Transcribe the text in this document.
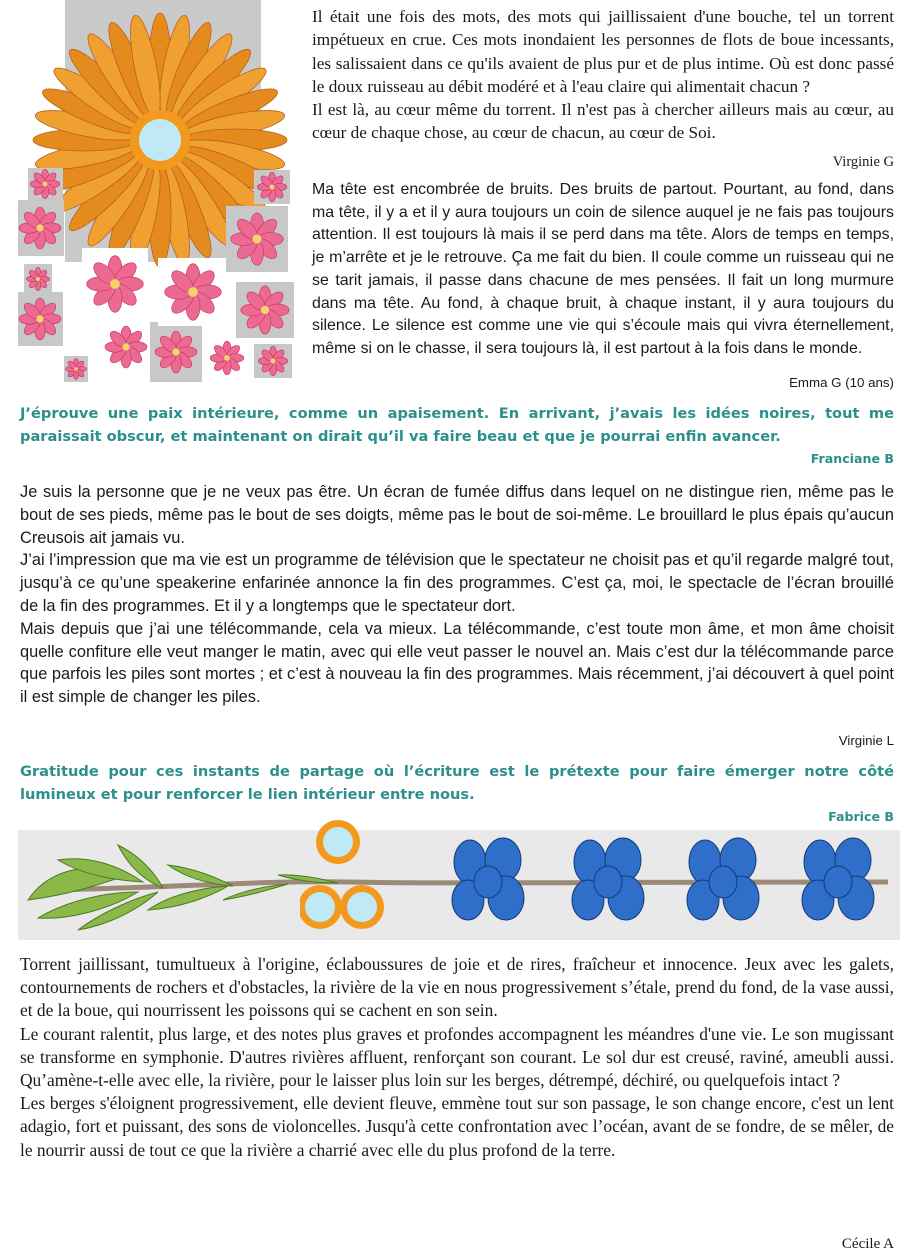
Il était une fois des mots, des mots qui jaillissaient d'une bouche, tel un torrent impétueux en crue. Ces mots inondaient les personnes de flots de boue incessants, les salissaient dans ce qu'ils avaient de plus pur et de plus intime. Où est donc passé le doux ruisseau au débit modéré et à l'eau claire qui alimentait chacun ?

Il est là, au cœur même du torrent. Il n'est pas à chercher ailleurs mais au cœur, au cœur de chaque chose, au cœur de chacun, au cœur de Soi.

Virginie G

Ma tête est encombrée de bruits. Des bruits de partout. Pourtant, au fond, dans ma tête, il y a et il y aura toujours un coin de silence auquel je ne fais pas toujours attention. Il est toujours là mais il se perd dans ma tête. Alors de temps en temps, je m’arrête et je le retrouve. Ça me fait du bien. Il coule comme un ruisseau qui ne se tarit jamais, il passe dans chacune de mes pensées. Il fait un long murmure dans ma tête. Au fond, à chaque bruit, à chaque instant, il y aura toujours du silence. Le silence est comme une vie qui s’écoule mais qui vivra éternellement, même si on le chasse, il sera toujours là, il est partout à la fois dans le monde.

Emma G (10 ans)

J’éprouve une paix intérieure, comme un apaisement. En arrivant, j’avais les idées noires, tout me paraissait obscur, et maintenant on dirait qu’il va faire beau et que je pourrai enfin avancer.

Franciane B

Je suis la personne que je ne veux pas être. Un écran de fumée diffus dans lequel on ne distingue rien, même pas le bout de ses pieds, même pas le bout de ses doigts, même pas le bout de soi-même. Le brouillard le plus épais qu’aucun Creusois ait jamais vu.

J’ai l’impression que ma vie est un programme de télévision que le spectateur ne choisit pas et qu’il regarde malgré tout, jusqu’à ce qu’une speakerine enfarinée annonce la fin des programmes. C’est ça, moi, le spectacle de l’écran brouillé de la fin des programmes. Et il y a longtemps que le spectateur dort.

Mais depuis que j’ai une télécommande, cela va mieux. La télécommande, c’est toute mon âme, et mon âme choisit quelle confiture elle veut manger le matin, avec qui elle veut passer le nouvel an. Mais c’est dur la télécommande parce que parfois les piles sont mortes ; et c’est à nouveau la fin des programmes. Mais récemment, j’ai découvert à quel point il est simple de changer les piles.

Virginie L

Gratitude pour ces instants de partage où l’écriture est le prétexte pour faire émerger notre côté lumineux et pour renforcer le lien intérieur entre nous.

Fabrice B

Torrent jaillissant, tumultueux à l'origine, éclaboussures de joie et de rires, fraîcheur et innocence. Jeux avec les galets, contournements de rochers et d'obstacles, la rivière de la vie en nous progressivement s’étale, prend du fond, de la vase aussi, et de la boue, qui nourrissent les poissons qui se cachent en son sein.

Le courant ralentit, plus large, et des notes plus graves et profondes accompagnent les méandres d'une vie. Le son mugissant se transforme en symphonie. D'autres rivières affluent, renforçant son courant. Le sol dur est creusé, raviné, ameubli aussi. Qu’amène-t-elle avec elle, la rivière, pour le laisser plus loin sur les berges, détrempé, déchiré, ou quelquefois intact ?

Les berges s'éloignent progressivement, elle devient fleuve, emmène tout sur son passage, le son change encore, c'est un lent adagio, fort et puissant, des sons de violoncelles. Jusqu'à cette confrontation avec l’océan, avant de se fondre, de se mêler, de le nourrir aussi de tout ce que la rivière a charrié avec elle du plus profond de la terre.

Cécile A
